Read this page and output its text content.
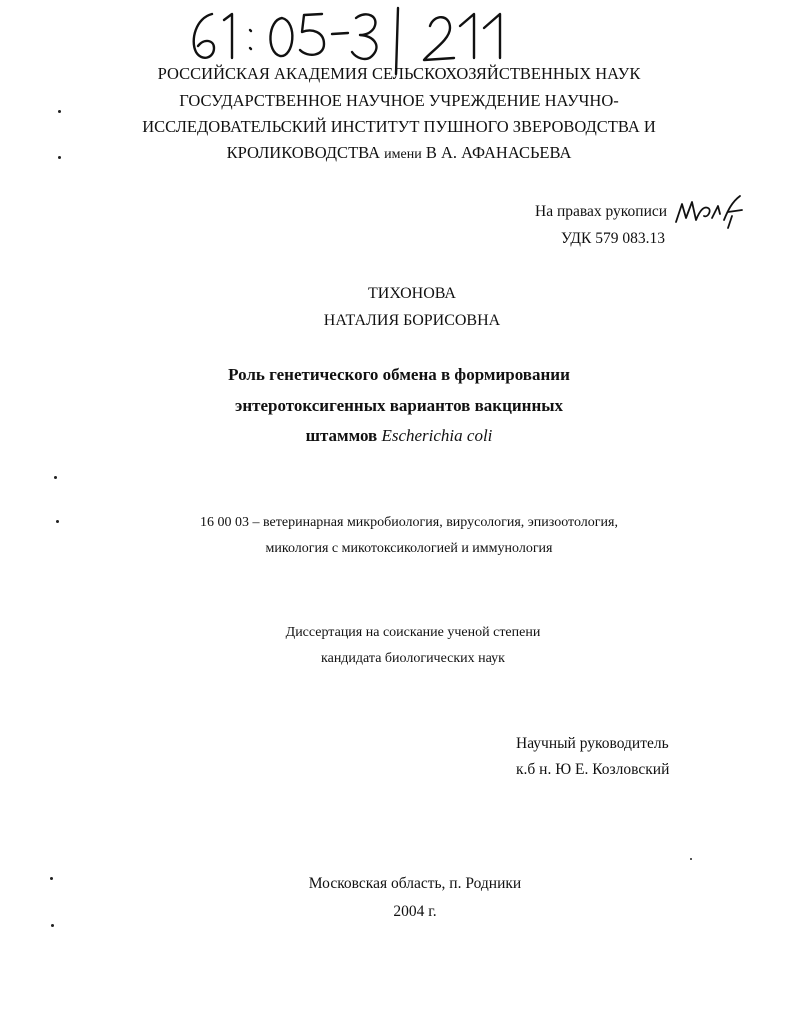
РОССИЙСКАЯ АКАДЕМИЯ СЕЛЬСКОХОЗЯЙСТВЕННЫХ НАУК
ГОСУДАРСТВЕННОЕ НАУЧНОЕ УЧРЕЖДЕНИЕ НАУЧНО-
ИССЛЕДОВАТЕЛЬСКИЙ ИНСТИТУТ ПУШНОГО ЗВЕРОВОДСТВА И
КРОЛИКОВОДСТВА имени В А. АФАНАСЬЕВА
На правах рукописи
УДК 579 083.13
ТИХОНОВА
НАТАЛИЯ БОРИСОВНА
Роль генетического обмена в формировании
энтеротоксигенных вариантов вакцинных
штаммов Escherichia coli
16 00 03 – ветеринарная микробиология, вирусология, эпизоотология,
микология с микотоксикологией и иммунология
Диссертация на соискание ученой степени
кандидата биологических наук
Научный руководитель
к.б н. Ю Е. Козловский
Московская область, п. Родники
2004 г.
